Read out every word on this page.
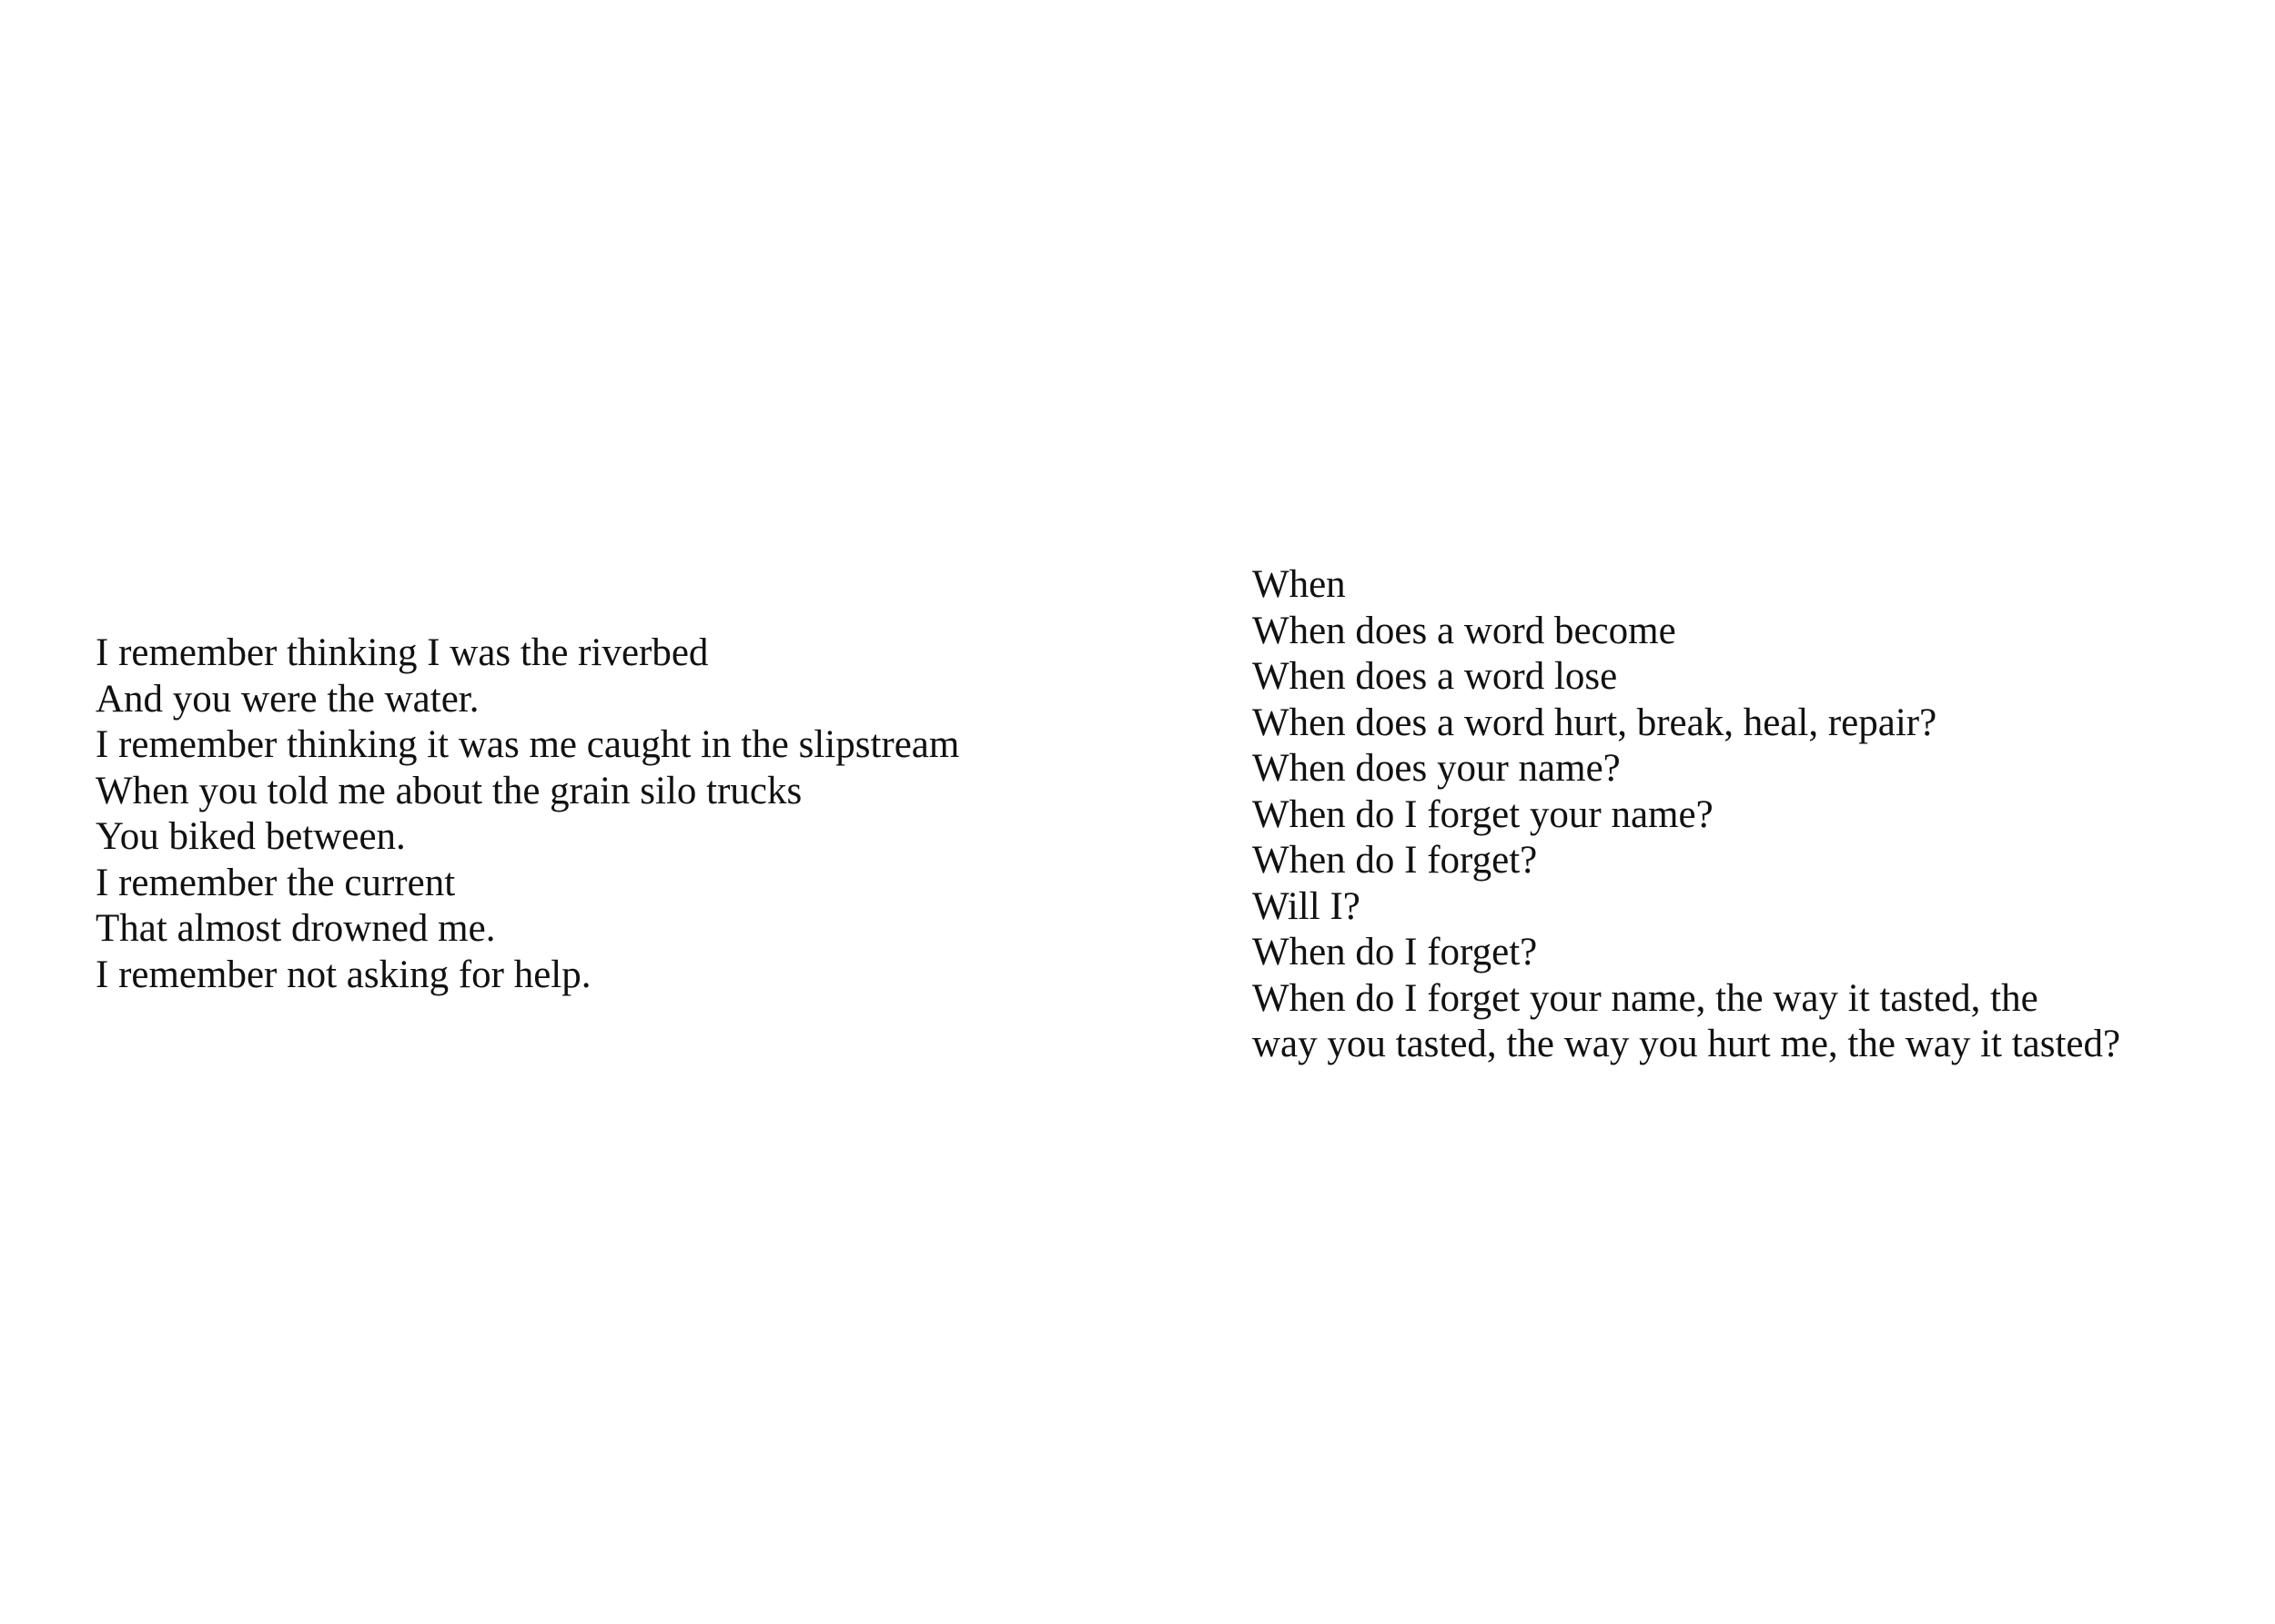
I remember thinking I was the riverbed
And you were the water.
I remember thinking it was me caught in the slipstream
When you told me about the grain silo trucks
You biked between.
I remember the current
That almost drowned me.
I remember not asking for help.
When
When does a word become
When does a word lose
When does a word hurt, break, heal, repair?
When does your name?
When do I forget your name?
When do I forget?
Will I?
When do I forget?
When do I forget your name, the way it tasted, the
way you tasted, the way you hurt me, the way it tasted?
